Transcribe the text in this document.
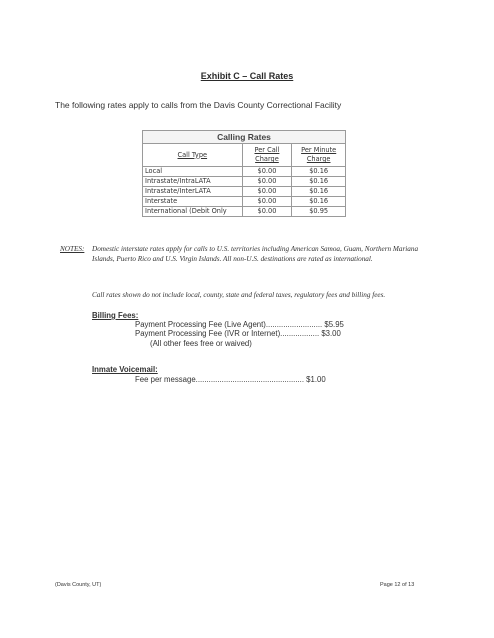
Exhibit C – Call Rates
The following rates apply to calls from the Davis County Correctional Facility
Calling Rates
Call Type	Per Call Charge	Per Minute Charge
Local	$0.00	$0.16
Intrastate/IntraLATA	$0.00	$0.16
Intrastate/InterLATA	$0.00	$0.16
Interstate	$0.00	$0.16
International (Debit Only	$0.00	$0.95
NOTES: Domestic interstate rates apply for calls to U.S. territories including American Samoa, Guam, Northern Mariana Islands, Puerto Rico and U.S. Virgin Islands. All non-U.S. destinations are rated as international.
Call rates shown do not include local, county, state and federal taxes, regulatory fees and billing fees.
Billing Fees:
Payment Processing Fee (Live Agent).......................... $5.95
Payment Processing Fee (IVR or Internet).................. $3.00
(All other fees free or waived)
Inmate Voicemail:
Fee per message.................................................. $1.00
(Davis County, UT)	Page 12 of 13
